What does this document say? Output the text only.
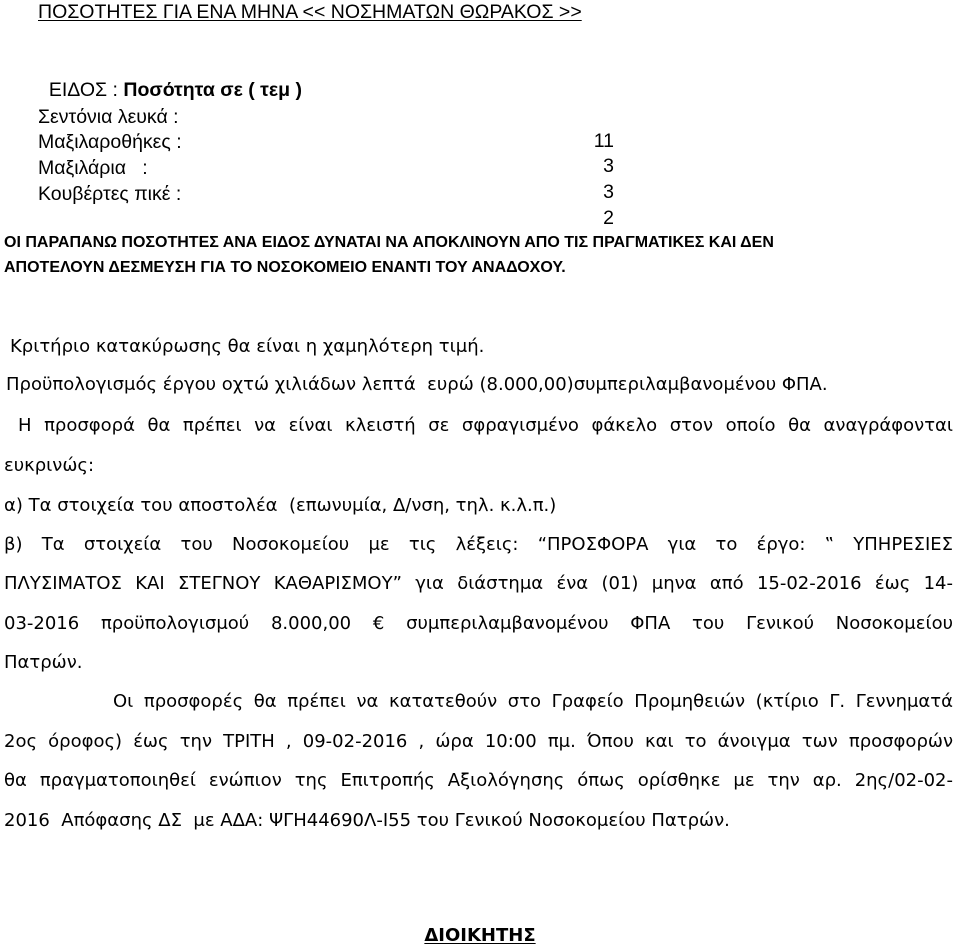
ΠΟΣΟΤΗΤΕΣ ΓΙΑ ΕΝΑ ΜΗΝΑ << ΝΟΣΗΜΑΤΩΝ ΘΩΡΑΚΟΣ >>

ΕΙΔΟΣ : Ποσότητα σε ( τεμ )

Σεντόνια λευκά :

11

Μαξιλαροθήκες :

3

Μαξιλάρια   :

3

Κουβέρτες πικέ :

2

ΟΙ ΠΑΡΑΠΑΝΩ ΠΟΣΟΤΗΤΕΣ ΑΝΑ ΕΙΔΟΣ ΔΥΝΑΤΑΙ ΝΑ ΑΠΟΚΛΙΝΟΥΝ ΑΠΟ ΤΙΣ ΠΡΑΓΜΑΤΙΚΕΣ ΚΑΙ ΔΕΝ
ΑΠΟΤΕΛΟΥΝ ΔΕΣΜΕΥΣΗ ΓΙΑ ΤΟ ΝΟΣΟΚΟΜΕΙΟ ΕΝΑΝΤΙ ΤΟΥ ΑΝΑΔΟΧΟΥ.
Κριτήριο κατακύρωσης θα είναι η χαμηλότερη τιμή.
Προϋπολογισμός έργου οχτώ χιλιάδων λεπτά  ευρώ (8.000,00)συμπεριλαμβανομένου ΦΠΑ.
Η προσφορά θα πρέπει να είναι κλειστή σε σφραγισμένο φάκελο στον οποίο θα αναγράφονται
ευκρινώς:
α) Τα στοιχεία του αποστολέα  (επωνυμία, Δ/νση, τηλ. κ.λ.π.)
β) Τα στοιχεία του Νοσοκομείου με τις λέξεις: “ΠΡΟΣΦΟΡΑ για το έργο: ‟ ΥΠΗΡΕΣΙΕΣ
ΠΛΥΣΙΜΑΤΟΣ ΚΑΙ ΣΤΕΓΝΟΥ ΚΑΘΑΡΙΣΜΟΥ” για διάστημα ένα (01) μηνα από 15-02-2016 έως 14-
03-2016 προϋπολογισμού 8.000,00 € συμπεριλαμβανομένου ΦΠΑ του Γενικού Νοσοκομείου
Πατρών.
Οι προσφορές θα πρέπει να κατατεθούν στο Γραφείο Προμηθειών (κτίριο Γ. Γεννηματά
2ος όροφος) έως την ΤΡΙΤΗ , 09-02-2016 , ώρα 10:00 πμ. Όπου και το άνοιγμα των προσφορών
θα πραγματοποιηθεί ενώπιον της Επιτροπής Αξιολόγησης όπως ορίσθηκε με την αρ. 2ης/02-02-
2016  Απόφασης ΔΣ  με ΑΔΑ: ΨΓΗ44690Λ-Ι55 του Γενικού Νοσοκομείου Πατρών.
ΔΙΟΙΚΗΤΗΣ
